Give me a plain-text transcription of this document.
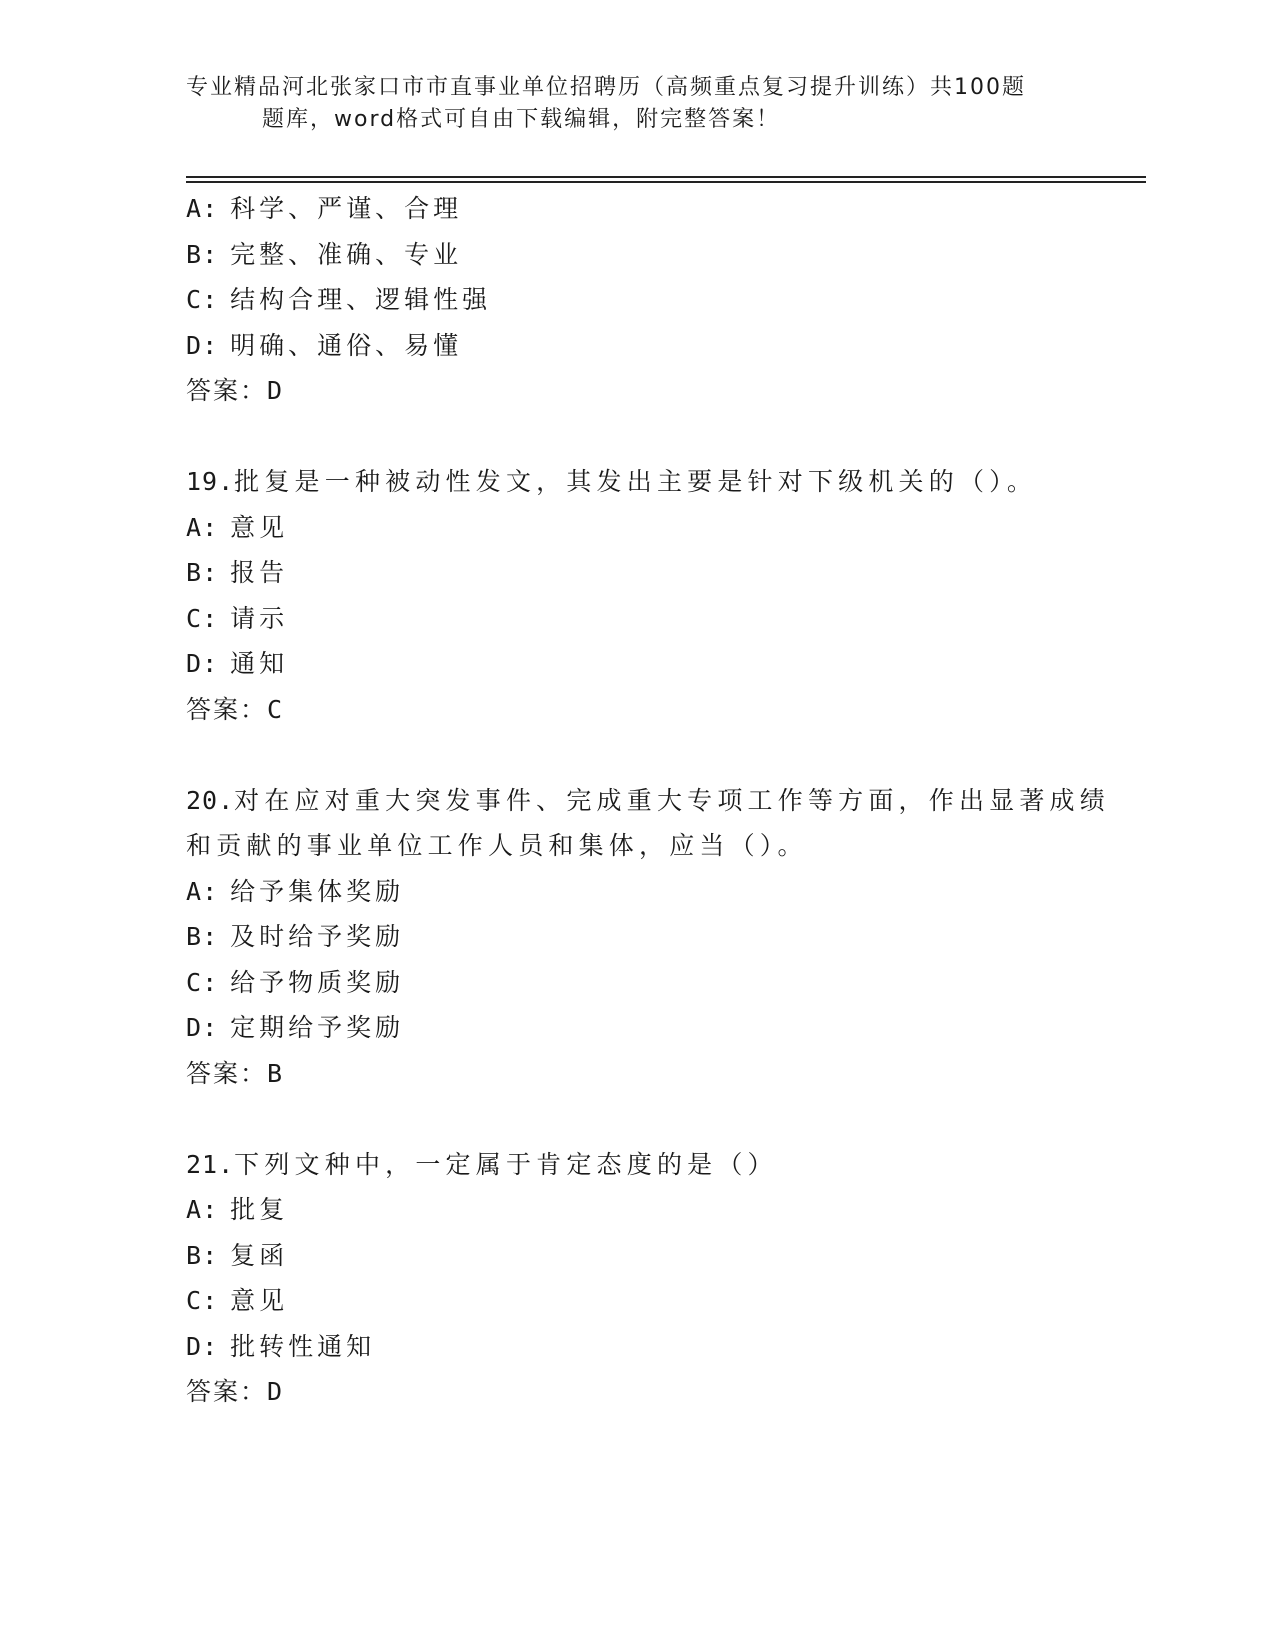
专业精品河北张家口市市直事业单位招聘历（高频重点复习提升训练）共100题
题库，word格式可自由下载编辑，附完整答案！
A: 科学、严谨、合理
B: 完整、准确、专业
C: 结构合理、逻辑性强
D: 明确、通俗、易懂
答案：D
19.批复是一种被动性发文，其发出主要是针对下级机关的（）。
A: 意见
B: 报告
C: 请示
D: 通知
答案：C
20.对在应对重大突发事件、完成重大专项工作等方面，作出显著成绩
和贡献的事业单位工作人员和集体，应当（）。
A: 给予集体奖励
B: 及时给予奖励
C: 给予物质奖励
D: 定期给予奖励
答案：B
21.下列文种中，一定属于肯定态度的是（）
A: 批复
B: 复函
C: 意见
D: 批转性通知
答案：D
